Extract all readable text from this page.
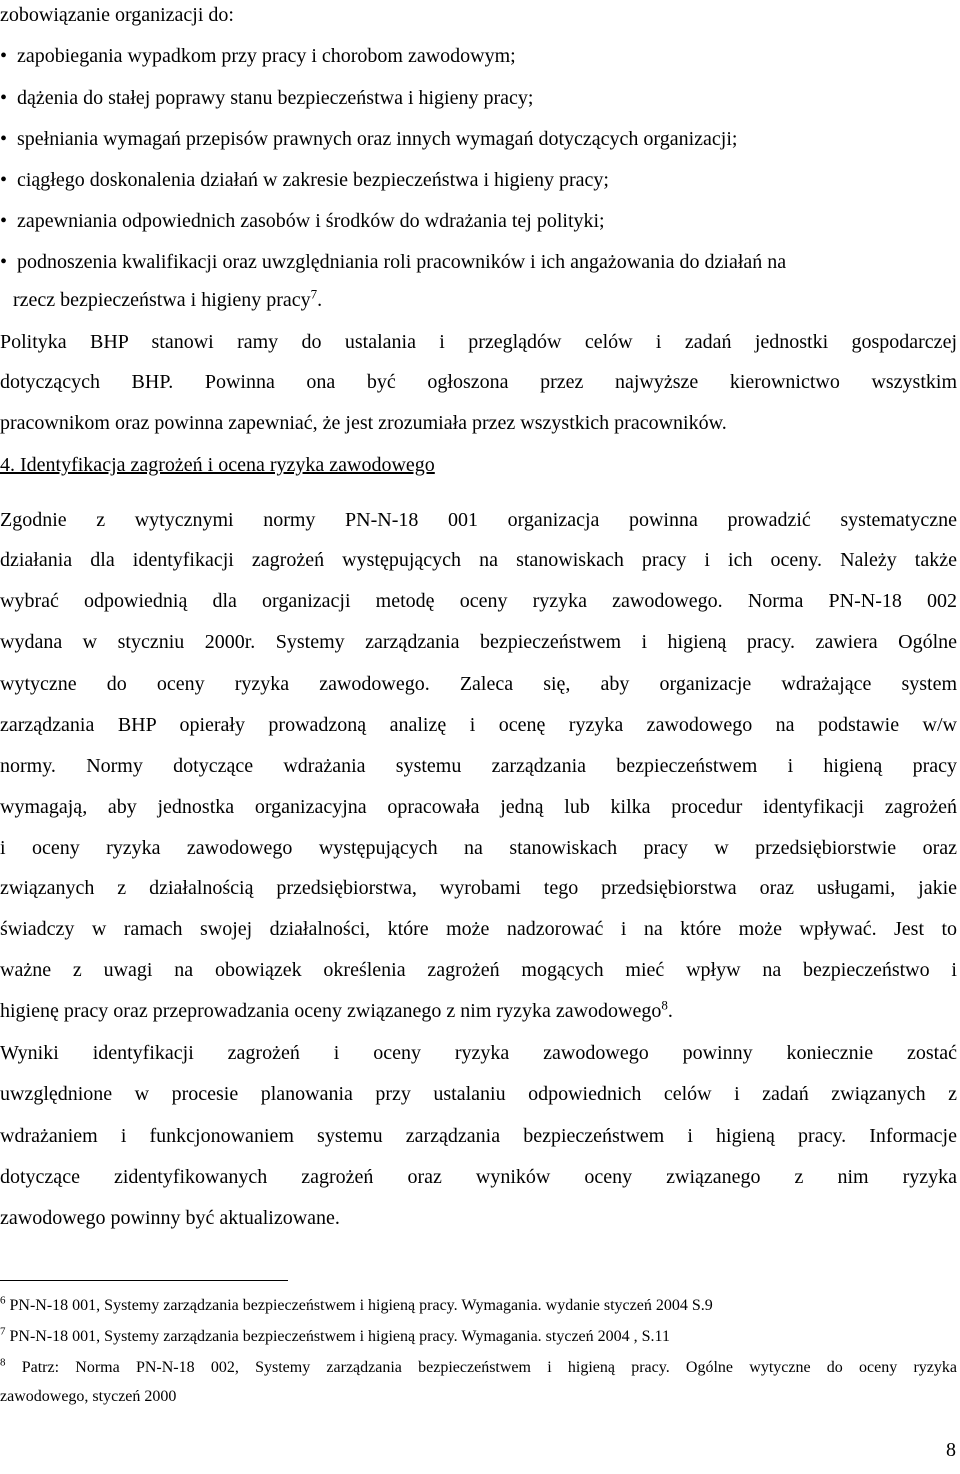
zobowiązanie organizacji do:
• zapobiegania wypadkom przy pracy i chorobom zawodowym;
• dążenia do stałej poprawy stanu bezpieczeństwa i higieny pracy;
• spełniania wymagań przepisów prawnych oraz innych wymagań dotyczących organizacji;
• ciągłego doskonalenia działań w zakresie bezpieczeństwa i higieny pracy;
• zapewniania odpowiednich zasobów i środków do wdrażania tej polityki;
• podnoszenia kwalifikacji oraz uwzględniania roli pracowników i ich angażowania do działań na
rzecz bezpieczeństwa i higieny pracy$^7$.
Polityka BHP stanowi ramy do ustalania i przeglądów celów i zadań jednostki gospodarczej
dotyczących BHP. Powinna ona być ogłoszona przez najwyższe kierownictwo wszystkim
pracownikom oraz powinna zapewniać, że jest zrozumiała przez wszystkich pracowników.
4. Identyfikacja zagrożeń i ocena ryzyka zawodowego
Zgodnie z wytycznymi normy PN-N-18 001 organizacja powinna prowadzić systematyczne
działania dla identyfikacji zagrożeń występujących na stanowiskach pracy i ich oceny. Należy także
wybrać odpowiednią dla organizacji metodę oceny ryzyka zawodowego. Norma PN-N-18 002
wydana w styczniu 2000r. Systemy zarządzania bezpieczeństwem i higieną pracy. zawiera Ogólne
wytyczne do oceny ryzyka zawodowego. Zaleca się, aby organizacje wdrażające system
zarządzania BHP opierały prowadzoną analizę i ocenę ryzyka zawodowego na podstawie w/w
normy. Normy dotyczące wdrażania systemu zarządzania bezpieczeństwem i higieną pracy
wymagają, aby jednostka organizacyjna opracowała jedną lub kilka procedur identyfikacji zagrożeń
i oceny ryzyka zawodowego występujących na stanowiskach pracy w przedsiębiorstwie oraz
związanych z działalnością przedsiębiorstwa, wyrobami tego przedsiębiorstwa oraz usługami, jakie
świadczy w ramach swojej działalności, które może nadzorować i na które może wpływać. Jest to
ważne z uwagi na obowiązek określenia zagrożeń mogących mieć wpływ na bezpieczeństwo i
higienę pracy oraz przeprowadzania oceny związanego z nim ryzyka zawodowego$^8$.
Wyniki identyfikacji zagrożeń i oceny ryzyka zawodowego powinny koniecznie zostać
uwzględnione w procesie planowania przy ustalaniu odpowiednich celów i zadań związanych z
wdrażaniem i funkcjonowaniem systemu zarządzania bezpieczeństwem i higieną pracy. Informacje
dotyczące zidentyfikowanych zagrożeń oraz wyników oceny związanego z nim ryzyka
zawodowego powinny być aktualizowane.
$^6$ PN-N-18 001, Systemy zarządzania bezpieczeństwem i higieną pracy. Wymagania. wydanie styczeń 2004 S.9
$^7$ PN-N-18 001, Systemy zarządzania bezpieczeństwem i higieną pracy. Wymagania. styczeń 2004 , S.11
$^8$ Patrz: Norma PN-N-18 002, Systemy zarządzania bezpieczeństwem i higieną pracy. Ogólne wytyczne do oceny ryzyka
zawodowego, styczeń 2000
8
